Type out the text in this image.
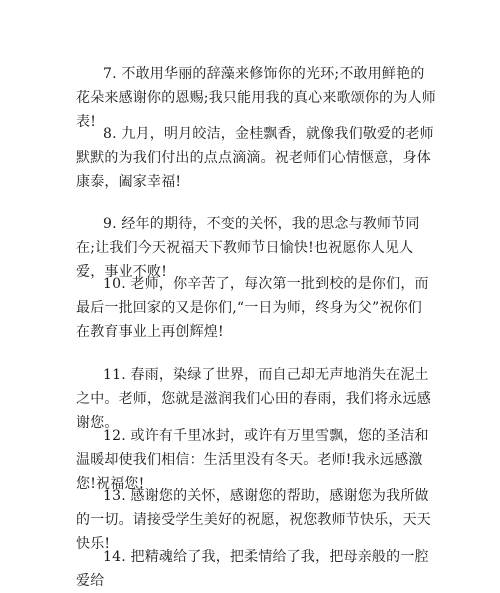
7. 不敢用华丽的辞藻来修饰你的光环;不敢用鲜艳的花朵来感谢你的恩赐;我只能用我的真心来歌颂你的为人师表!

8. 九月，明月皎洁，金桂飘香，就像我们敬爱的老师默默的为我们付出的点点滴滴。祝老师们心情惬意，身体康泰，阖家幸福!

9. 经年的期待，不变的关怀，我的思念与教师节同在;让我们今天祝福天下教师节日愉快!也祝愿你人见人爱，事业不败!

10. 老师，你辛苦了，每次第一批到校的是你们，而最后一批回家的又是你们,“一日为师，终身为父”祝你们在教育事业上再创辉煌!

11. 春雨，染绿了世界，而自己却无声地消失在泥土之中。老师，您就是滋润我们心田的春雨，我们将永远感谢您。

12. 或许有千里冰封，或许有万里雪飘，您的圣洁和温暖却使我们相信：生活里没有冬天。老师!我永远感激您!祝福您!

13. 感谢您的关怀，感谢您的帮助，感谢您为我所做的一切。请接受学生美好的祝愿，祝您教师节快乐，天天快乐!

14. 把精魂给了我，把柔情给了我，把母亲般的一腔爱给
